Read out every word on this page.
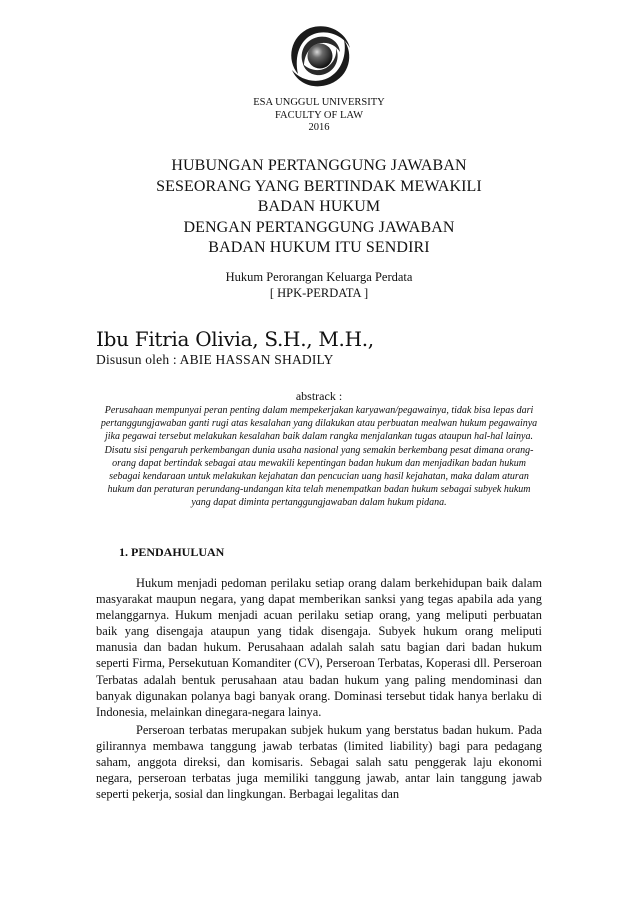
ESA UNGGUL UNIVERSITY
FACULTY OF LAW
2016
HUBUNGAN PERTANGGUNG JAWABAN
SESEORANG YANG BERTINDAK MEWAKILI
BADAN HUKUM
DENGAN PERTANGGUNG JAWABAN
BADAN HUKUM ITU SENDIRI
Hukum Perorangan Keluarga Perdata
[ HPK-PERDATA ]
Ibu Fitria Olivia, S.H., M.H.,
Disusun oleh : ABIE HASSAN SHADILY
abstrack :
Perusahaan mempunyai peran penting dalam mempekerjakan karyawan/pegawainya, tidak bisa lepas dari pertanggungjawaban ganti rugi atas kesalahan yang dilakukan atau perbuatan mealwan hukum pegawainya jika pegawai tersebut melakukan kesalahan baik dalam rangka menjalankan tugas ataupun hal-hal lainya. Disatu sisi pengaruh perkembangan dunia usaha nasional yang semakin berkembang pesat dimana orang-orang dapat bertindak sebagai atau mewakili kepentingan badan hukum dan menjadikan badan hukum sebagai kendaraan untuk melakukan kejahatan dan pencucian uang hasil kejahatan, maka dalam aturan hukum dan peraturan perundang-undangan kita telah menempatkan badan hukum sebagai subyek hukum yang dapat diminta pertanggungjawaban dalam hukum pidana.
1. PENDAHULUAN
Hukum menjadi pedoman perilaku setiap orang dalam berkehidupan baik dalam masyarakat maupun negara, yang dapat memberikan sanksi yang tegas apabila ada yang melanggarnya. Hukum menjadi acuan perilaku setiap orang, yang meliputi perbuatan baik yang disengaja ataupun yang tidak disengaja. Subyek hukum orang meliputi manusia dan badan hukum. Perusahaan adalah salah satu bagian dari badan hukum seperti Firma, Persekutuan Komanditer (CV), Perseroan Terbatas, Koperasi dll. Perseroan Terbatas adalah bentuk perusahaan atau badan hukum yang paling mendominasi dan banyak digunakan polanya bagi banyak orang. Dominasi tersebut tidak hanya berlaku di Indonesia, melainkan dinegara-negara lainya.
Perseroan terbatas merupakan subjek hukum yang berstatus badan hukum. Pada gilirannya membawa tanggung jawab terbatas (limited liability) bagi para pedagang saham, anggota direksi, dan komisaris. Sebagai salah satu penggerak laju ekonomi negara, perseroan terbatas juga memiliki tanggung jawab, antar lain tanggung jawab seperti pekerja, sosial dan lingkungan. Berbagai legalitas dan
